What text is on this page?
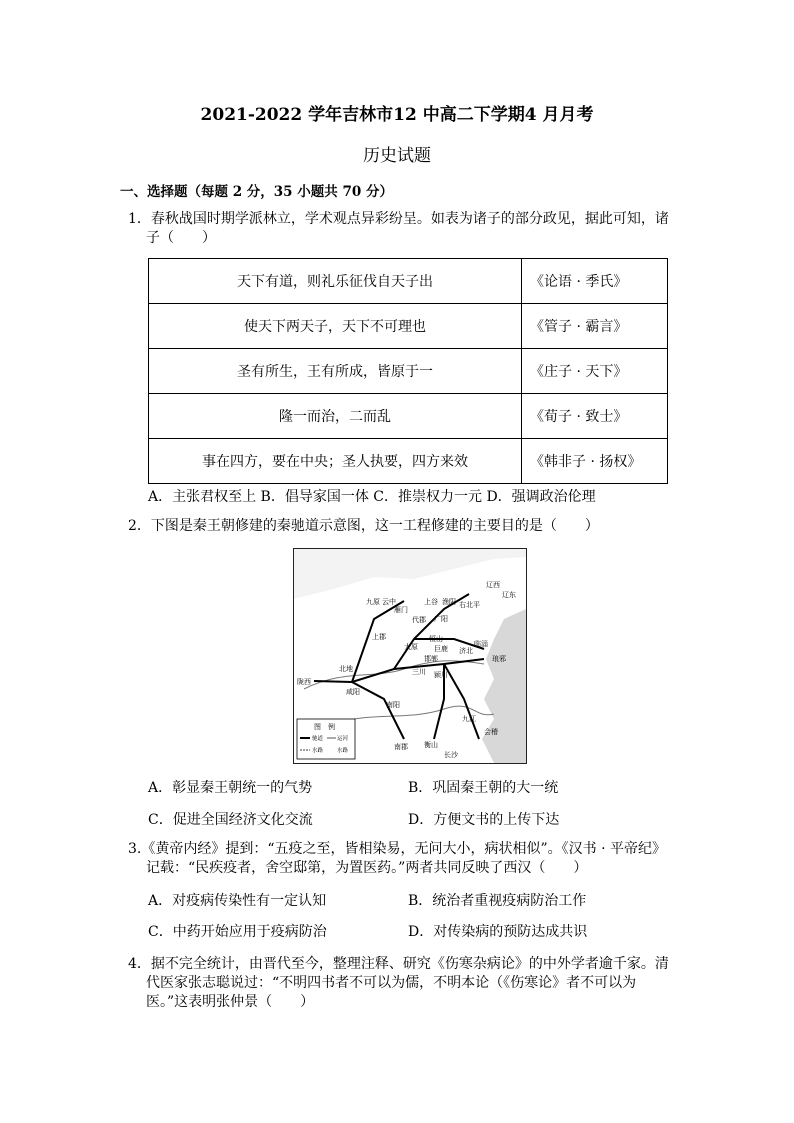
2021-2022 学年吉林市12 中高二下学期4 月月考
历史试题
一、选择题（每题 2 分，35 小题共 70 分）
1．春秋战国时期学派林立，学术观点异彩纷呈。如表为诸子的部分政见，据此可知，诸
子（　　）
天下有道，则礼乐征伐自天子出	《论语 · 季氏》
使天下两天子，天下不可理也	《管子 · 霸言》
圣有所生，王有所成，皆原于一	《庄子 · 天下》
隆一而治，二而乱	《荀子 · 致士》
事在四方，要在中央；圣人执要，四方来效	《韩非子 · 扬权》
A．主张君权至上 B．倡导家国一体 C．推崇权力一元 D．强调政治伦理
2．下图是秦王朝修建的秦驰道示意图，这一工程修建的主要目的是（　　）
辽西
辽东
九原 云中
雁门
代郡
上谷 渔阳 右北平
广阳
上郡
太原
恒山
巨鹿
邯郸
济北
临淄
琅邪
北地	三川 颍川
陇西
咸阳
南阳
南郡 衡山
九江
会稽
长沙
图　例
驰道	运河
水路	水路
A．彰显秦王朝统一的气势	B．巩固秦王朝的大一统
C．促进全国经济文化交流	D．方便文书的上传下达
3.《黄帝内经》提到：“五疫之至，皆相染易，无问大小，病状相似”。《汉书 · 平帝纪》
记载：“民疾疫者，舍空邸第，为置医药。”两者共同反映了西汉（　　）
A．对疫病传染性有一定认知	B．统治者重视疫病防治工作
C．中药开始应用于疫病防治	D．对传染病的预防达成共识
4．据不完全统计，由晋代至今，整理注释、研究《伤寒杂病论》的中外学者逾千家。清
代医家张志聪说过：“不明四书者不可以为儒，不明本论（《伤寒论》者不可以为
医。”这表明张仲景（　　）
